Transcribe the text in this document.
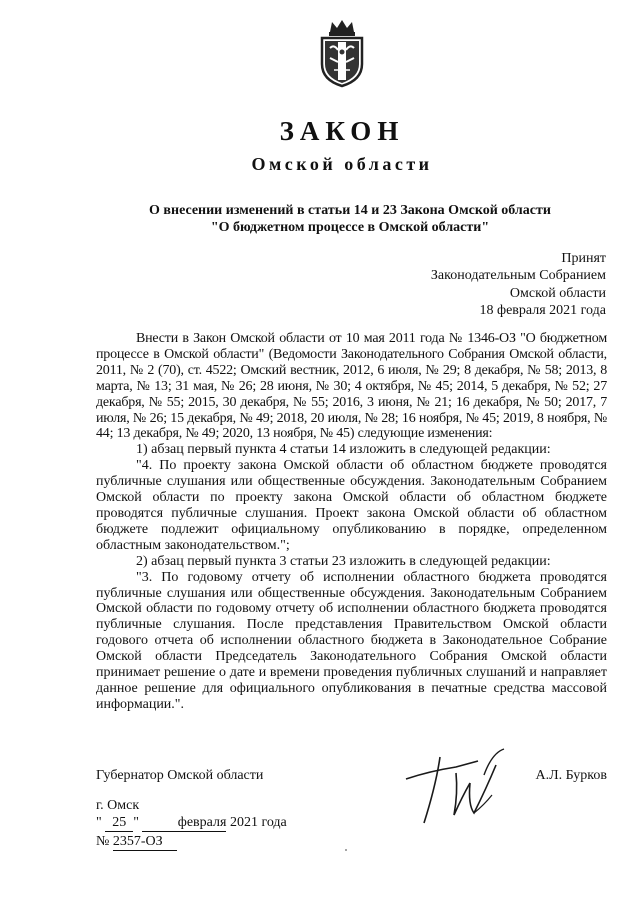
ЗАКОН
Омской области
О внесении изменений в статьи 14 и 23 Закона Омской области
"О бюджетном процессе в Омской области"
Принят
Законодательным Собранием
Омской области
18 февраля 2021 года

Внести в Закон Омской области от 10 мая 2011 года № 1346-ОЗ "О бюджетном процессе в Омской области" (Ведомости Законодательного Собрания Омской области, 2011, № 2 (70), ст. 4522; Омский вестник, 2012, 6 июля, № 29; 8 декабря, № 58; 2013, 8 марта, № 13; 31 мая, № 26; 28 июня, № 30; 4 октября, № 45; 2014, 5 декабря, № 52; 27 декабря, № 55; 2015, 30 декабря, № 55; 2016, 3 июня, № 21; 16 декабря, № 50; 2017, 7 июля, № 26; 15 декабря, № 49; 2018, 20 июля, № 28; 16 ноября, № 45; 2019, 8 ноября, № 44; 13 декабря, № 49; 2020, 13 ноября, № 45) следующие изменения:

1) абзац первый пункта 4 статьи 14 изложить в следующей редакции:

"4. По проекту закона Омской области об областном бюджете проводятся публичные слушания или общественные обсуждения. Законодательным Собранием Омской области по проекту закона Омской области об областном бюджете проводятся публичные слушания. Проект закона Омской области об областном бюджете подлежит официальному опубликованию в порядке, определенном областным законодательством.";

2) абзац первый пункта 3 статьи 23 изложить в следующей редакции:

"3. По годовому отчету об исполнении областного бюджета проводятся публичные слушания или общественные обсуждения. Законодательным Собранием Омской области по годовому отчету об исполнении областного бюджета проводятся публичные слушания. После представления Правительством Омской области годового отчета об исполнении областного бюджета в Законодательное Собрание Омской области Председатель Законодательного Собрания Омской области принимает решение о дате и времени проведения публичных слушаний и направляет данное решение для официального опубликования в печатные средства массовой информации.".

Губернатор Омской области	А.Л. Бурков
г. Омск
" 25 "	февраля 2021 года
№ 2357-ОЗ
